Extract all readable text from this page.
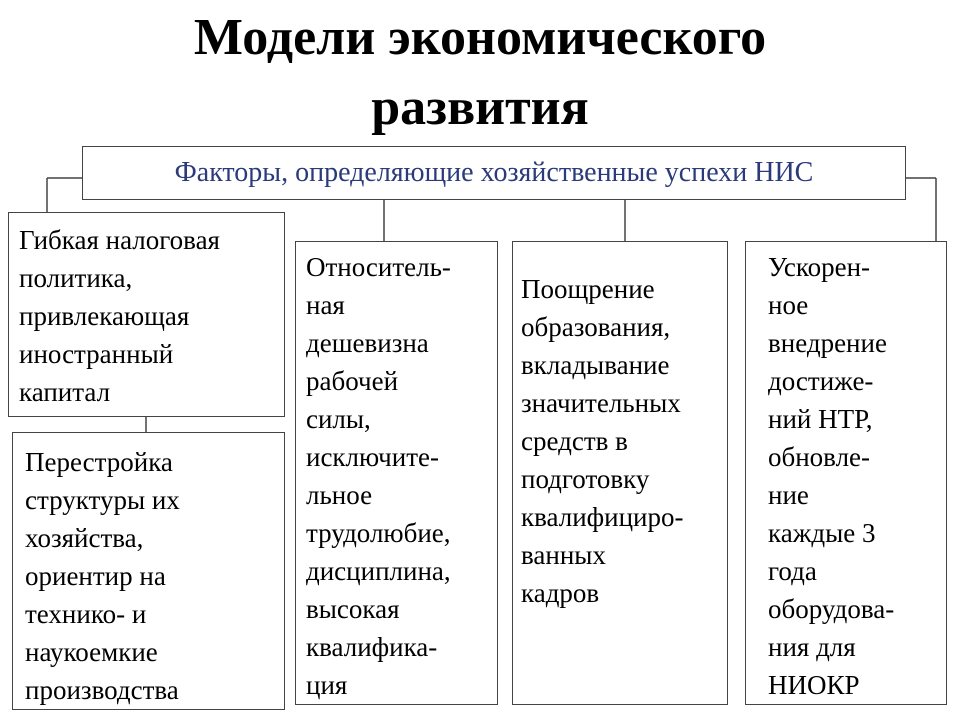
Модели экономического
развития
Факторы, определяющие хозяйственные успехи НИС
Гибкая налоговая
политика,
привлекающая
иностранный
капитал
Перестройка
структуры их
хозяйства,
ориентир на
технико- и
наукоемкие
производства
Относитель-
ная
дешевизна
рабочей
силы,
исключите-
льное
трудолюбие,
дисциплина,
высокая
квалифика-
ция
Поощрение
образования,
вкладывание
значительных
средств в
подготовку
квалифициро-
ванных
кадров
Ускорен-
ное
внедрение
достиже-
ний НТР,
обновле-
ние
каждые 3
года
оборудова-
ния для
НИОКР
